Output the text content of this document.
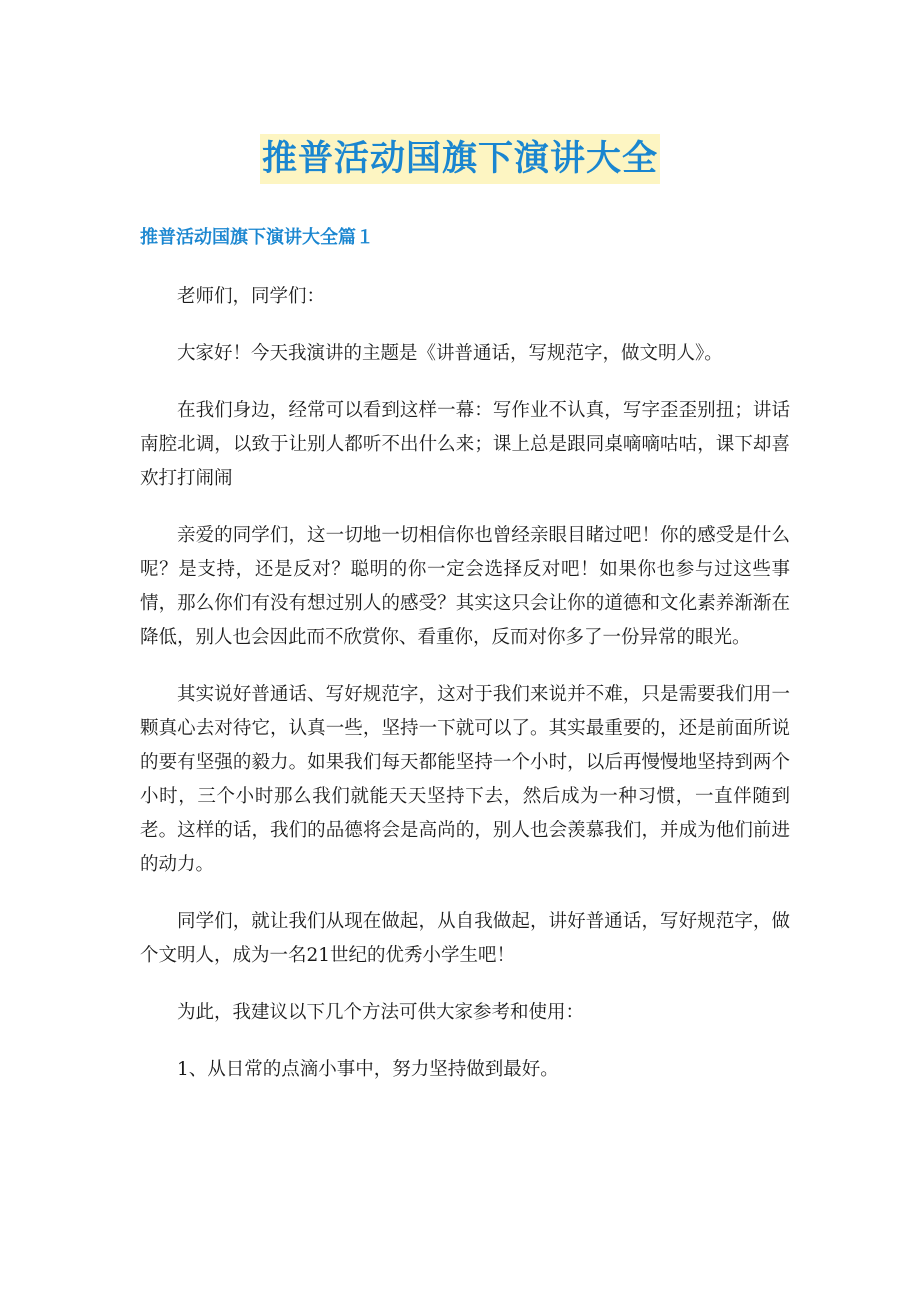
推普活动国旗下演讲大全
推普活动国旗下演讲大全篇１

老师们，同学们：

大家好！今天我演讲的主题是《讲普通话，写规范字，做文明人》。

在我们身边，经常可以看到这样一幕：写作业不认真，写字歪歪别扭；讲话南腔北调，以致于让别人都听不出什么来；课上总是跟同桌嘀嘀咕咕，课下却喜欢打打闹闹

亲爱的同学们，这一切地一切相信你也曾经亲眼目睹过吧！你的感受是什么呢？是支持，还是反对？聪明的你一定会选择反对吧！如果你也参与过这些事情，那么你们有没有想过别人的感受？其实这只会让你的道德和文化素养渐渐在降低，别人也会因此而不欣赏你、看重你，反而对你多了一份异常的眼光。

其实说好普通话、写好规范字，这对于我们来说并不难，只是需要我们用一颗真心去对待它，认真一些，坚持一下就可以了。其实最重要的，还是前面所说的要有坚强的毅力。如果我们每天都能坚持一个小时，以后再慢慢地坚持到两个小时，三个小时那么我们就能天天坚持下去，然后成为一种习惯，一直伴随到老。这样的话，我们的品德将会是高尚的，别人也会羡慕我们，并成为他们前进的动力。

同学们，就让我们从现在做起，从自我做起，讲好普通话，写好规范字，做个文明人，成为一名21世纪的优秀小学生吧！

为此，我建议以下几个方法可供大家参考和使用：

1、从日常的点滴小事中，努力坚持做到最好。
